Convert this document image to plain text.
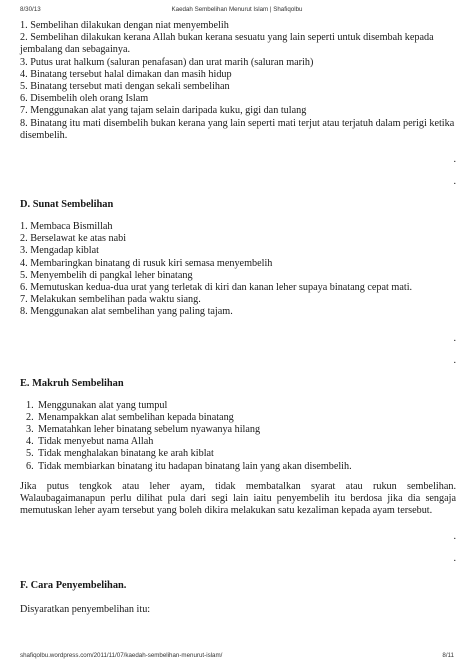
8/30/13	Kaedah Sembelihan Menurut Islam | Shafiqolbu
1. Sembelihan dilakukan dengan niat menyembelih
2. Sembelihan dilakukan kerana Allah bukan kerana sesuatu yang lain seperti untuk disembah kepada jembalang dan sebagainya.
3. Putus urat halkum (saluran penafasan) dan urat marih (saluran marih)
4. Binatang tersebut halal dimakan dan masih hidup
5. Binatang tersebut mati dengan sekali sembelihan
6. Disembelih oleh orang Islam
7. Menggunakan alat yang tajam selain daripada kuku, gigi dan tulang
8. Binatang itu mati disembelih bukan kerana yang lain seperti mati terjut atau terjatuh dalam perigi ketika disembelih.
.
.
D. Sunat Sembelihan
1. Membaca Bismillah
2. Berselawat ke atas nabi
3. Mengadap kiblat
4. Membaringkan binatang di rusuk kiri semasa menyembelih
5. Menyembelih di pangkal leher binatang
6. Memutuskan kedua-dua urat yang terletak di kiri dan kanan leher supaya binatang cepat mati.
7. Melakukan sembelihan pada waktu siang.
8. Menggunakan alat sembelihan yang paling tajam.
.
.
E. Makruh Sembelihan
1. Menggunakan alat yang tumpul
2. Menampakkan alat sembelihan kepada binatang
3. Mematahkan leher binatang sebelum nyawanya hilang
4. Tidak menyebut nama Allah
5. Tidak menghalakan binatang ke arah kiblat
6. Tidak membiarkan binatang itu hadapan binatang lain yang akan disembelih.

Jika putus tengkok atau leher ayam, tidak membatalkan syarat atau rukun sembelihan. Walaubagaimanapun perlu dilihat pula dari segi lain iaitu penyembelih itu berdosa jika dia sengaja memutuskan leher ayam tersebut yang boleh dikira melakukan satu kezaliman kepada ayam tersebut.

.
.
F. Cara Penyembelihan.
Disyaratkan penyembelihan itu:
shafiqolbu.wordpress.com/2011/11/07/kaedah-sembelihan-menurut-islam/	8/11
